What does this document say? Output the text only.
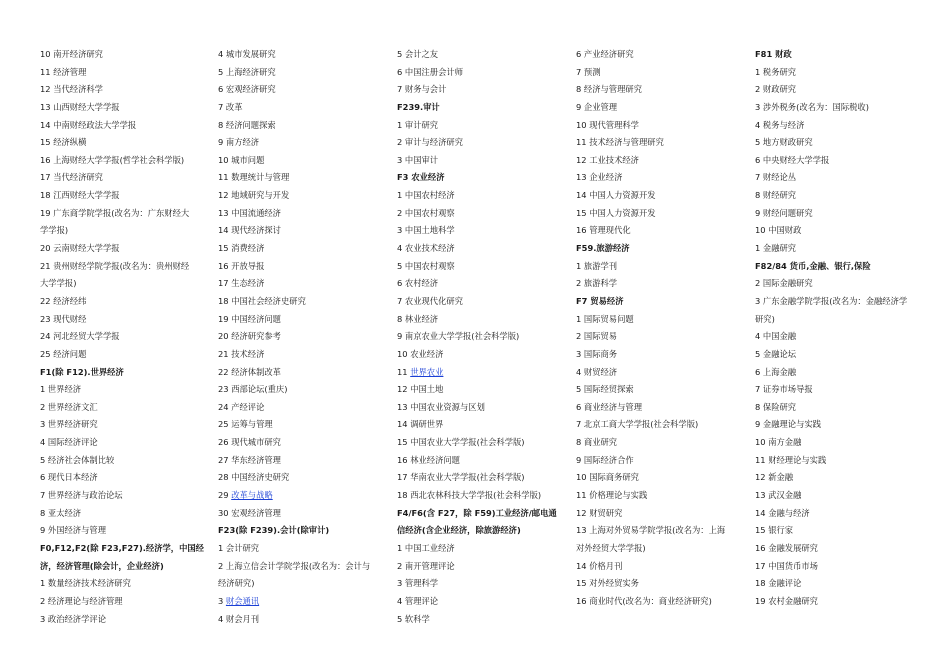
10 南开经济研究
11 经济管理
12 当代经济科学
13 山西财经大学学报
14 中南财经政法大学学报
15 经济纵横
16 上海财经大学学报(哲学社会科学版)
17 当代经济研究
18 江西财经大学学报
19 广东商学院学报(改名为：广东财经大
学学报)
20 云南财经大学学报
21 贵州财经学院学报(改名为：贵州财经
大学学报)
22 经济经纬
23 现代财经
24 河北经贸大学学报
25 经济问题
F1(除 F12).世界经济
1 世界经济
2 世界经济文汇
3 世界经济研究
4 国际经济评论
5 经济社会体制比较
6 现代日本经济
7 世界经济与政治论坛
8 亚太经济
9 外国经济与管理
F0,F12,F2(除 F23,F27).经济学，中国经
济，经济管理(除会计，企业经济)
1 数量经济技术经济研究
2 经济理论与经济管理
3 政治经济学评论
4 城市发展研究
5 上海经济研究
6 宏观经济研究
7 改革
8 经济问题探索
9 南方经济
10 城市问题
11 数理统计与管理
12 地域研究与开发
13 中国流通经济
14 现代经济探讨
15 消费经济
16 开放导报
17 生态经济
18 中国社会经济史研究
19 中国经济问题
20 经济研究参考
21 技术经济
22 经济体制改革
23 西部论坛(重庆)
24 产经评论
25 运筹与管理
26 现代城市研究
27 华东经济管理
28 中国经济史研究
29 改革与战略
30 宏观经济管理
F23(除 F239).会计(除审计)
1 会计研究
2 上海立信会计学院学报(改名为：会计与
经济研究)
3 财会通讯
4 财会月刊
5 会计之友
6 中国注册会计师
7 财务与会计
F239.审计
1 审计研究
2 审计与经济研究
3 中国审计
F3 农业经济
1 中国农村经济
2 中国农村观察
3 中国土地科学
4 农业技术经济
5 中国农村观察
6 农村经济
7 农业现代化研究
8 林业经济
9 南京农业大学学报(社会科学版)
10 农业经济
11 世界农业
12 中国土地
13 中国农业资源与区划
14 调研世界
15 中国农业大学学报(社会科学版)
16 林业经济问题
17 华南农业大学学报(社会科学版)
18 西北农林科技大学学报(社会科学版)
F4/F6(含 F27，除 F59)工业经济/邮电通
信经济(含企业经济，除旅游经济)
1 中国工业经济
2 南开管理评论
3 管理科学
4 管理评论
5 软科学
6 产业经济研究
7 预测
8 经济与管理研究
9 企业管理
10 现代管理科学
11 技术经济与管理研究
12 工业技术经济
13 企业经济
14 中国人力资源开发
15 中国人力资源开发
16 管理现代化
F59.旅游经济
1 旅游学刊
2 旅游科学
F7 贸易经济
1 国际贸易问题
2 国际贸易
3 国际商务
4 财贸经济
5 国际经贸探索
6 商业经济与管理
7 北京工商大学学报(社会科学版)
8 商业研究
9 国际经济合作
10 国际商务研究
11 价格理论与实践
12 财贸研究
13 上海对外贸易学院学报(改名为：上海
对外经贸大学学报)
14 价格月刊
15 对外经贸实务
16 商业时代(改名为：商业经济研究)
F81 财政
1 税务研究
2 财政研究
3 涉外税务(改名为：国际税收)
4 税务与经济
5 地方财政研究
6 中央财经大学学报
7 财经论丛
8 财经研究
9 财经问题研究
10 中国财政
1 金融研究
F82/84 货币,金融、银行,保险
2 国际金融研究
3 广东金融学院学报(改名为：金融经济学
研究)
4 中国金融
5 金融论坛
6 上海金融
7 证券市场导报
8 保险研究
9 金融理论与实践
10 南方金融
11 财经理论与实践
12 新金融
13 武汉金融
14 金融与经济
15 银行家
16 金融发展研究
17 中国货币市场
18 金融评论
19 农村金融研究
